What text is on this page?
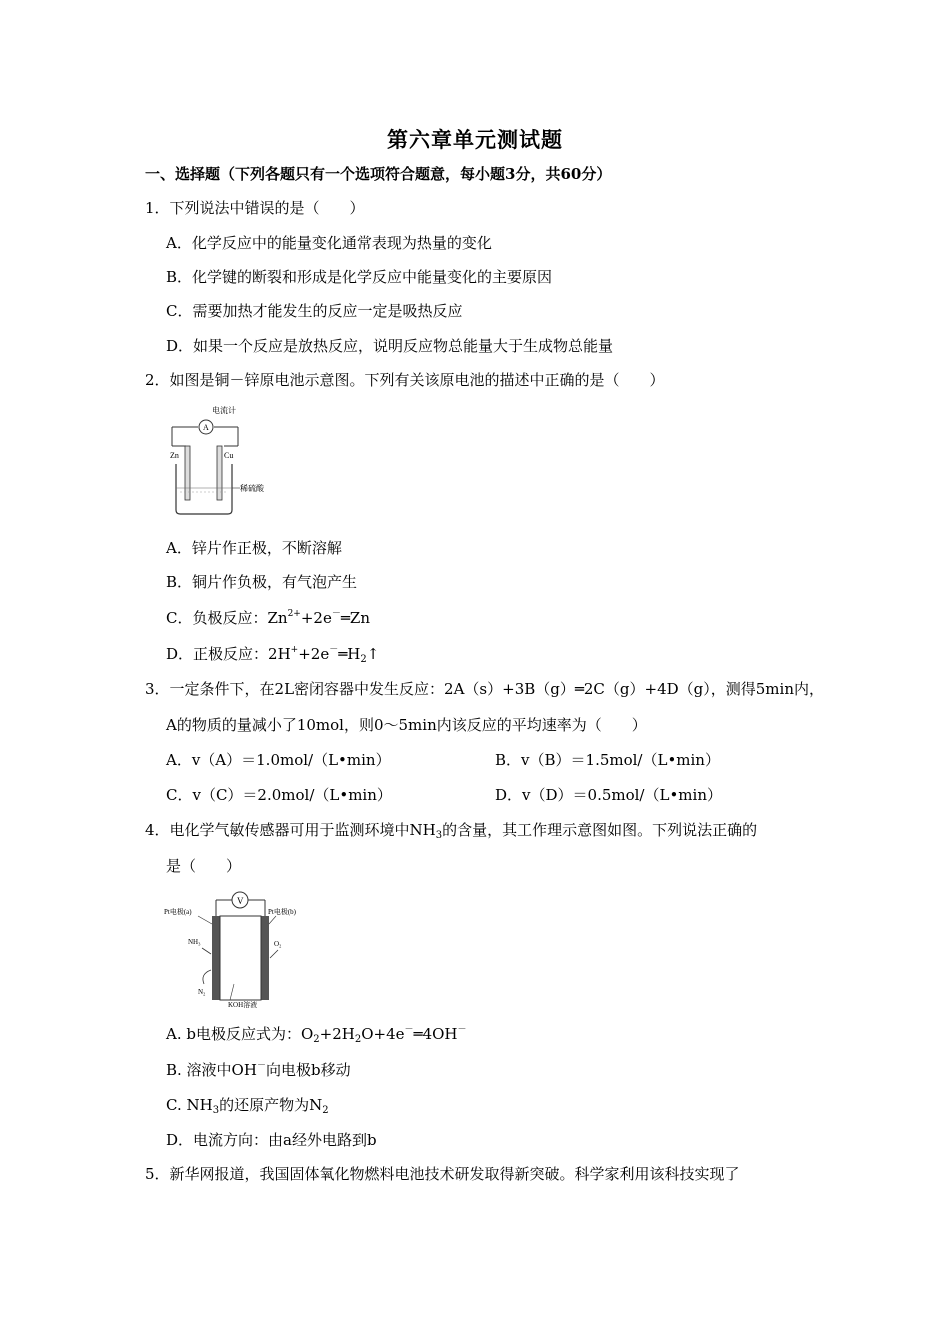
第六章单元测试题
一、选择题（下列各题只有一个选项符合题意，每小题3分，共60分）
1．下列说法中错误的是（　　）
A．化学反应中的能量变化通常表现为热量的变化
B．化学键的断裂和形成是化学反应中能量变化的主要原因
C．需要加热才能发生的反应一定是吸热反应
D．如果一个反应是放热反应，说明反应物总能量大于生成物总能量
2．如图是铜－锌原电池示意图。下列有关该原电池的描述中正确的是（　　）
电流计
A
Zn	Cu
稀硫酸
A．锌片作正极，不断溶解
B．铜片作负极，有气泡产生
C．负极反应：$Zn^{2+}+2e^-═Zn$
D．正极反应：$2H^++2e^-═H_2↑$
3．一定条件下，在2L密闭容器中发生反应：2A（s）+3B（g）═2C（g）+4D（g），测得5min内，
A的物质的量减小了10mol，则0～5min内该反应的平均速率为（　　）
A．v（A）＝1.0mol/（L•min）	B．v（B）＝1.5mol/（L•min）
C．v（C）＝2.0mol/（L•min）	D．v（D）＝0.5mol/（L•min）
4．电化学气敏传感器可用于监测环境中$NH_3$的含量，其工作理示意图如图。下列说法正确的
是（　　）
V
Pt电极(a)	Pt电极(b)
NH₃	O₂
N₂
KOH溶液
A. b电极反应式为：$O_2+2H_2O+4e^-═4OH^-$
B. 溶液中OH－向电极b移动
C. $NH_3$的还原产物为$N_2$
D．电流方向：由a经外电路到b
5．新华网报道，我国固体氧化物燃料电池技术研发取得新突破。科学家利用该科技实现了
